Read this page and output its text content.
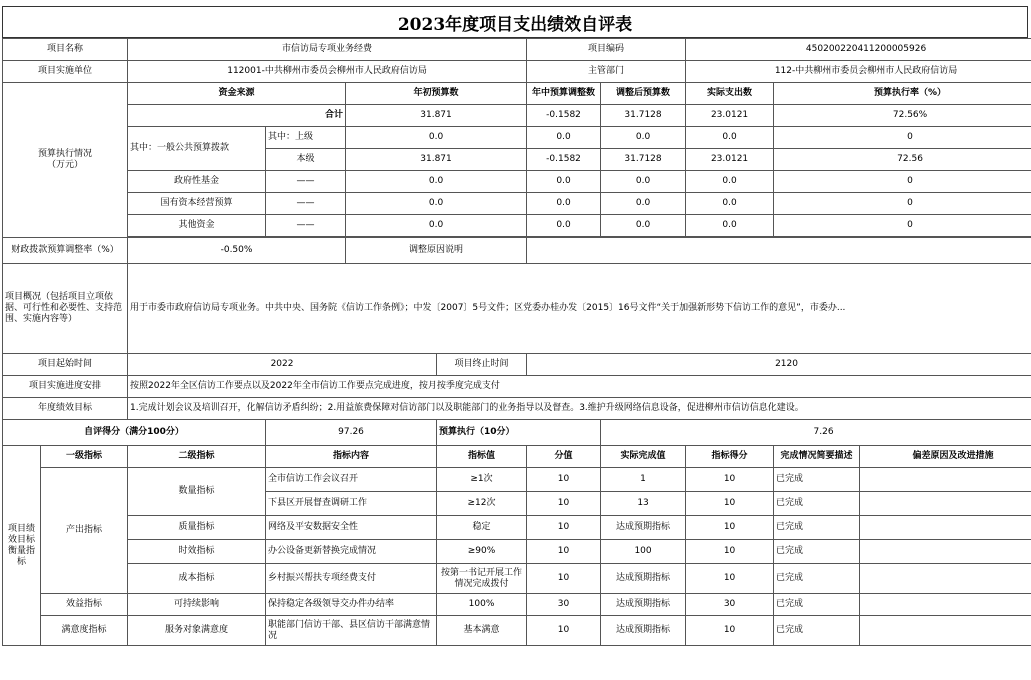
2023年度项目支出绩效自评表
项目名称		市信访局专项业务经费				项目编码		450200220411200005926		
项目实施单位		112001-中共柳州市委员会柳州市人民政府信访局				主管部门		112-中共柳州市委员会柳州市人民政府信访局		
预算执行情况
（万元）		资金来源		年初预算数		年中预算调整数	调整后预算数	实际支出数	预算执行率（%）	
		合计		31.871		-0.1582	31.7128	23.0121	72.56%	
		其中：一般公共预算拨款	其中：上级	0.0		0.0	0.0	0.0	0	
			本级	31.871		-0.1582	31.7128	23.0121	72.56	
		政府性基金	——	0.0		0.0	0.0	0.0	0	
		国有资本经营预算	——	0.0		0.0	0.0	0.0	0	
		其他资金	——	0.0		0.0	0.0	0.0	0	

财政拨款预算调整率（%）		-0.50%		调整原因说明						
项目概况（包括项目立项依据、可行性和必要性、支持范围、实施内容等）		用于市委市政府信访局专项业务。中共中央、国务院《信访工作条例》；中发〔2007〕5号文件；区党委办桂办发〔2015〕16号文件“关于加强新形势下信访工作的意见”，市委办...								
项目起始时间		2022			项目终止时间	2120				
项目实施进度安排		按照2022年全区信访工作要点以及2022年全市信访工作要点完成进度，按月按季度完成支付								
年度绩效目标		1.完成计划会议及培训召开，化解信访矛盾纠纷；2.用益旅费保障对信访部门以及职能部门的业务指导以及督查。3.维护升级网络信息设备，促进柳州市信访信息化建设。								
自评得分（满分100分）			97.26		预算执行（10分）		7.26			
项目绩效目标衡量指标	一级指标	二级指标	指标内容		指标值	分值	实际完成值	指标得分	完成情况简要描述	偏差原因及改进措施
	产出指标	数量指标	全市信访工作会议召开		≥1次	10	1	10	已完成	
			下县区开展督查调研工作		≥12次	10	13	10	已完成	
		质量指标	网络及平安数据安全性		稳定	10	达成预期指标	10	已完成	
		时效指标	办公设备更新替换完成情况		≥90%	10	100	10	已完成	
		成本指标	乡村振兴帮扶专项经费支付		按第一书记开展工作情况完成拨付	10	达成预期指标	10	已完成	
	效益指标	可持续影响	保持稳定各级领导交办件办结率		100%	30	达成预期指标	30	已完成	
	满意度指标	服务对象满意度	职能部门信访干部、县区信访干部满意情况		基本满意	10	达成预期指标	10	已完成	
